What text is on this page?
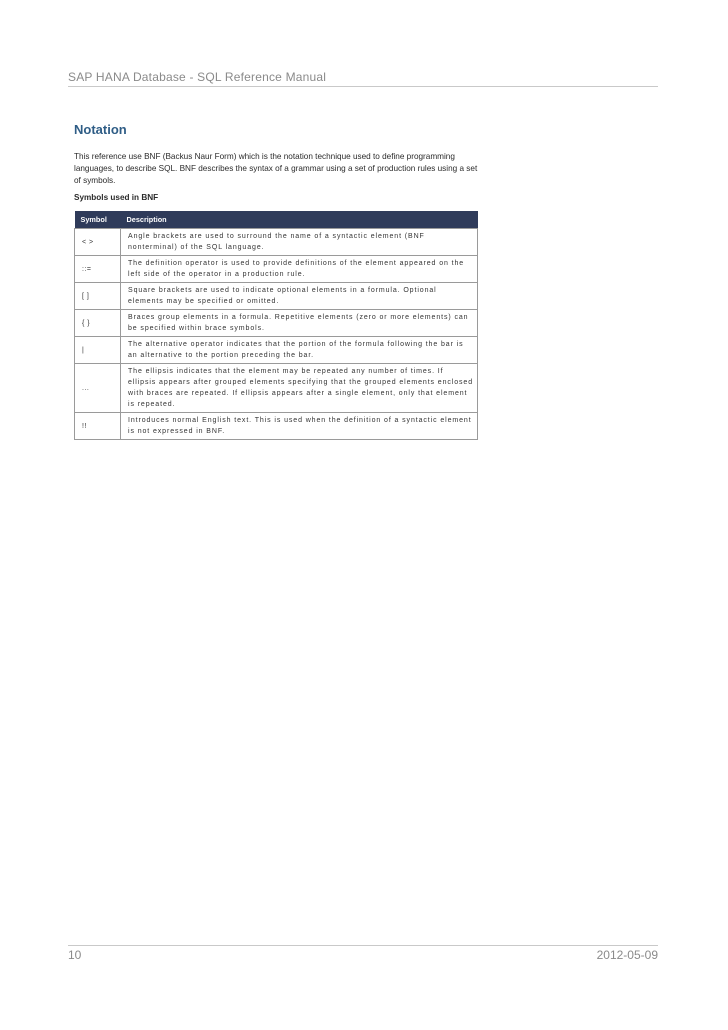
SAP HANA Database - SQL Reference Manual
Notation
This reference use BNF (Backus Naur Form) which is the notation technique used to define programming languages, to describe SQL. BNF describes the syntax of a grammar using a set of production rules using a set of symbols.
Symbols used in BNF
Symbol	Description
< >	Angle brackets are used to surround the name of a syntactic element (BNF nonterminal) of the SQL language.
::=	The definition operator is used to provide definitions of the element appeared on the left side of the operator in a production rule.
[ ]	Square brackets are used to indicate optional elements in a formula. Optional elements may be specified or omitted.
{ }	Braces group elements in a formula. Repetitive elements (zero or more elements) can be specified within brace symbols.
|	The alternative operator indicates that the portion of the formula following the bar is an alternative to the portion preceding the bar.
...	The ellipsis indicates that the element may be repeated any number of times. If ellipsis appears after grouped elements specifying that the grouped elements enclosed with braces are repeated. If ellipsis appears after a single element, only that element is repeated.
!!	Introduces normal English text. This is used when the definition of a syntactic element is not expressed in BNF.
10	2012-05-09
